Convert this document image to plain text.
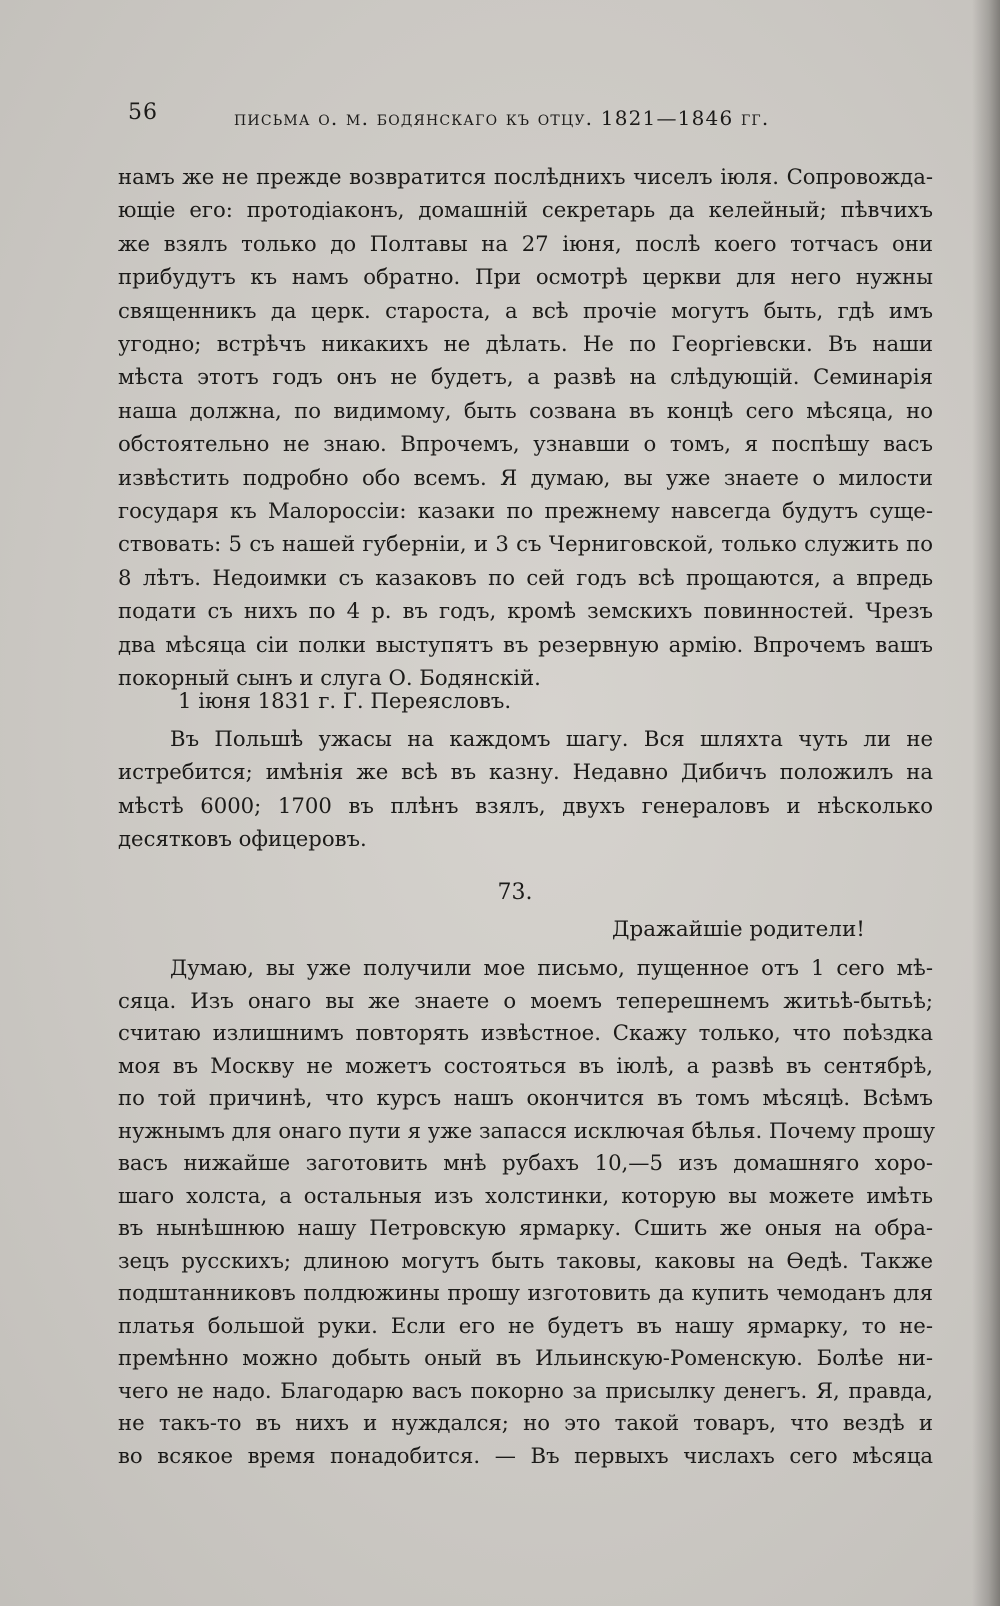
56	письма о. м. бодянскаго къ отцу. 1821—1846 гг.
намъ же не прежде возвратится послѣднихъ чиселъ іюля. Сопровожда-
ющіе его: протодіаконъ, домашній секретарь да келейный; пѣвчихъ
же взялъ только до Полтавы на 27 іюня, послѣ коего тотчасъ они
прибудутъ къ намъ обратно. При осмотрѣ церкви для него нужны
священникъ да церк. староста, а всѣ прочіе могутъ быть, гдѣ имъ
угодно; встрѣчъ никакихъ не дѣлать. Не по Георгіевски. Въ наши
мѣста этотъ годъ онъ не будетъ, а развѣ на слѣдующій. Семинарія
наша должна, по видимому, быть созвана въ концѣ сего мѣсяца, но
обстоятельно не знаю. Впрочемъ, узнавши о томъ, я поспѣшу васъ
извѣстить подробно обо всемъ. Я думаю, вы уже знаете о милости
государя къ Малороссіи: казаки по прежнему навсегда будутъ суще-
ствовать: 5 съ нашей губерніи, и 3 съ Черниговской, только служить по
8 лѣтъ. Недоимки съ казаковъ по сей годъ всѣ прощаются, а впредь
подати съ нихъ по 4 р. въ годъ, кромѣ земскихъ повинностей. Чрезъ
два мѣсяца сіи полки выступятъ въ резервную армію. Впрочемъ вашъ
покорный сынъ и слуга О. Бодянскій.
1 іюня 1831 г. Г. Переясловъ.
Въ Польшѣ ужасы на каждомъ шагу. Вся шляхта чуть ли не
истребится; имѣнія же всѣ въ казну. Недавно Дибичъ положилъ на
мѣстѣ 6000; 1700 въ плѣнъ взялъ, двухъ генераловъ и нѣсколько
десятковъ офицеровъ.
73.
Дражайшіе родители!
Думаю, вы уже получили мое письмо, пущенное отъ 1 сего мѣ-
сяца. Изъ онаго вы же знаете о моемъ теперешнемъ житьѣ-бытьѣ;
считаю излишнимъ повторять извѣстное. Скажу только, что поѣздка
моя въ Москву не можетъ состояться въ іюлѣ, а развѣ въ сентябрѣ,
по той причинѣ, что курсъ нашъ окончится въ томъ мѣсяцѣ. Всѣмъ
нужнымъ для онаго пути я уже запасся исключая бѣлья. Почему прошу
васъ нижайше заготовить мнѣ рубахъ 10,—5 изъ домашняго хоро-
шаго холста, а остальныя изъ холстинки, которую вы можете имѣть
въ нынѣшнюю нашу Петровскую ярмарку. Сшить же оныя на обра-
зецъ русскихъ; длиною могутъ быть таковы, каковы на Ѳедѣ. Также
подштанниковъ полдюжины прошу изготовить да купить чемоданъ для
платья большой руки. Если его не будетъ въ нашу ярмарку, то не-
премѣнно можно добыть оный въ Ильинскую-Роменскую. Болѣе ни-
чего не надо. Благодарю васъ покорно за присылку денегъ. Я, правда,
не такъ-то въ нихъ и нуждался; но это такой товаръ, что вездѣ и
во всякое время понадобится. — Въ первыхъ числахъ сего мѣсяца
